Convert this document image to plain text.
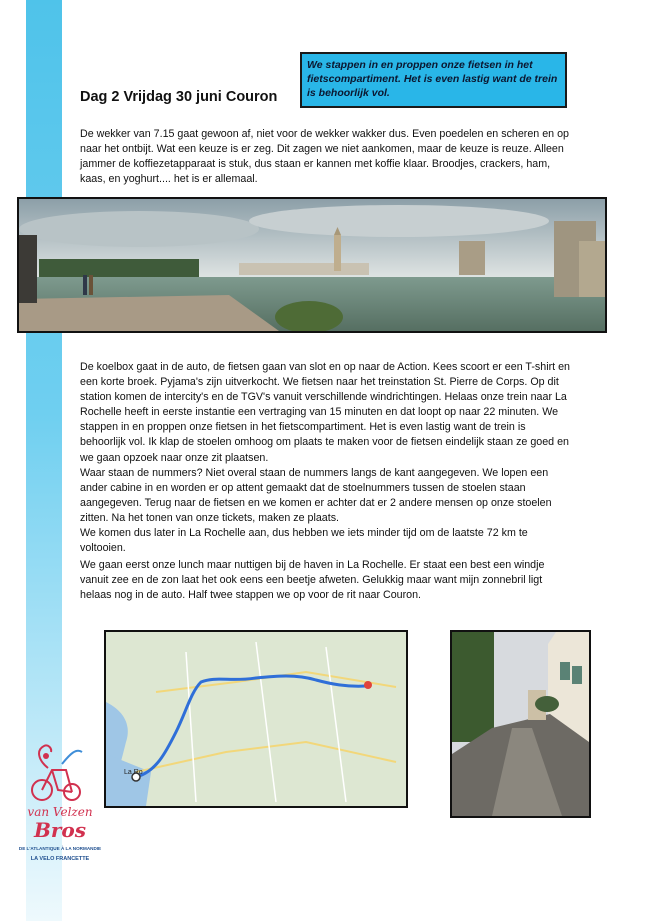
Dag 2 Vrijdag 30 juni Couron
We stappen in en proppen onze fietsen in het fietscompartiment. Het is even lastig want de trein is behoorlijk vol.

De wekker van 7.15 gaat gewoon af, niet voor de wekker wakker dus. Even poedelen en scheren en op naar het ontbijt. Wat een keuze is er zeg. Dit zagen we niet aankomen, maar de keuze is reuze. Alleen jammer de koffiezetapparaat is stuk, dus staan er kannen met koffie klaar. Broodjes, crackers, ham, kaas, en yoghurt.... het is er allemaal.

De koelbox gaat in de auto, de fietsen gaan van slot en op naar de Action. Kees scoort er een T-shirt en een korte broek. Pyjama's zijn uitverkocht. We fietsen naar het treinstation St. Pierre de Corps. Op dit station komen de intercity's en de TGV's vanuit verschillende windrichtingen. Helaas onze trein naar La Rochelle heeft in eerste instantie een vertraging van 15 minuten en dat loopt op naar 22 minuten. We stappen in en proppen onze fietsen in het fietscompartiment. Het is even lastig want de trein is behoorlijk vol. Ik klap de stoelen omhoog om plaats te maken voor de fietsen eindelijk staan ze goed en we gaan opzoek naar onze zit plaatsen.

Waar staan de nummers? Niet overal staan de nummers langs de kant aangegeven. We lopen een ander cabine in en worden er op attent gemaakt dat de stoelnummers tussen de stoelen staan aangegeven. Terug naar de fietsen en we komen er achter dat er 2 andere mensen op onze stoelen zitten. Na het tonen van onze tickets, maken ze plaats.

We komen dus later in La Rochelle aan, dus hebben we iets minder tijd om de laatste 72 km te voltooien.

We gaan eerst onze lunch maar nuttigen bij de haven in La Rochelle. Er staat een best een windje vanuit zee en de zon laat het ook eens een beetje afweten. Gelukkig maar want mijn zonnebril ligt helaas nog in de auto. Half twee stappen we op voor de rit naar Couron.

La Ro
van Velzen
Bros
DE L'ATLANTIQUE À LA NORMANDIE
LA VELO FRANCETTE
